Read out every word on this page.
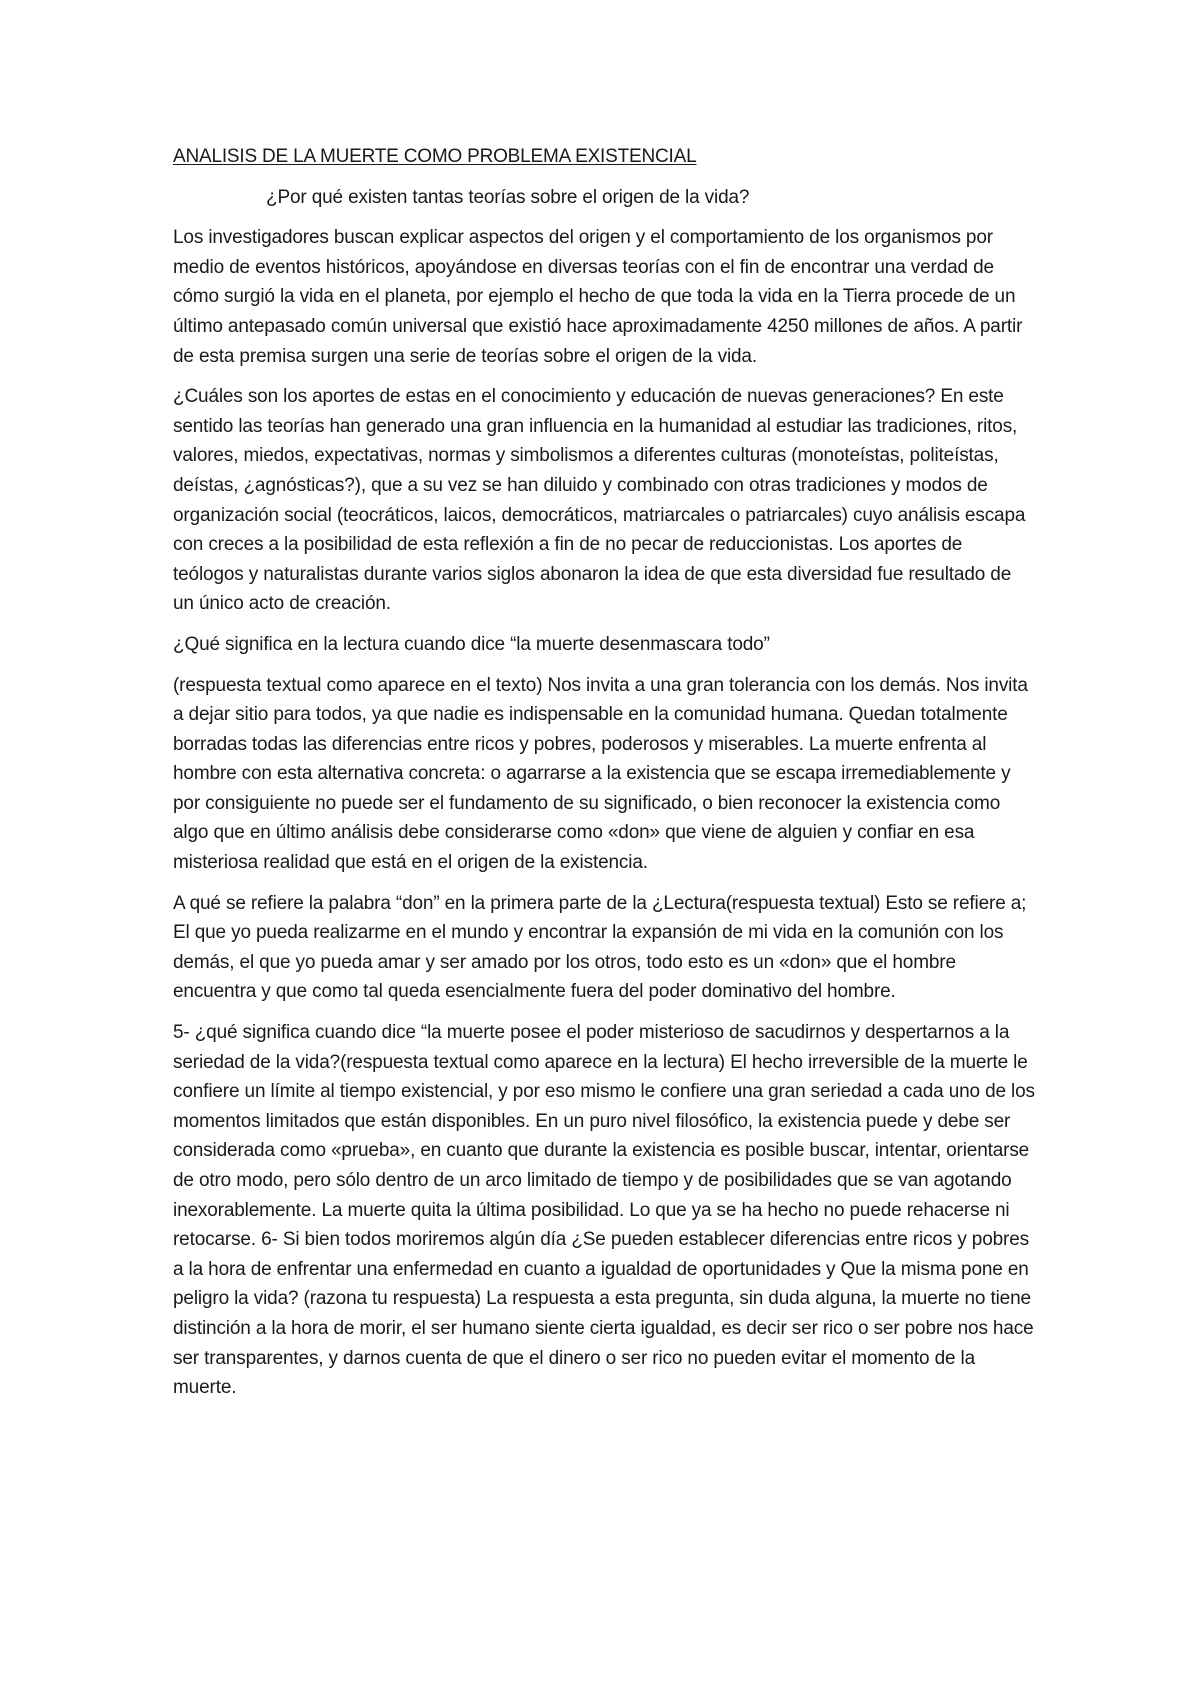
ANALISIS DE LA MUERTE COMO PROBLEMA EXISTENCIAL

¿Por qué existen tantas teorías sobre el origen de la vida?

Los investigadores buscan explicar aspectos del origen y el comportamiento de los organismos por medio de eventos históricos, apoyándose en diversas teorías con el fin de encontrar una verdad de cómo surgió la vida en el planeta, por ejemplo el hecho de que toda la vida en la Tierra procede de un último antepasado común universal que existió hace aproximadamente 4250 millones de años. A partir de esta premisa surgen una serie de teorías sobre el origen de la vida.

¿Cuáles son los aportes de estas en el conocimiento y educación de nuevas generaciones? En este sentido las teorías han generado una gran influencia en la humanidad al estudiar las tradiciones, ritos, valores, miedos, expectativas, normas y simbolismos a diferentes culturas (monoteístas, politeístas, deístas, ¿agnósticas?), que a su vez se han diluido y combinado con otras tradiciones y modos de organización social (teocráticos, laicos, democráticos, matriarcales o patriarcales) cuyo análisis escapa con creces a la posibilidad de esta reflexión a fin de no pecar de reduccionistas. Los aportes de teólogos y naturalistas durante varios siglos abonaron la idea de que esta diversidad fue resultado de un único acto de creación.

¿Qué significa en la lectura cuando dice “la muerte desenmascara todo”

(respuesta textual como aparece en el texto) Nos invita a una gran tolerancia con los demás. Nos invita a dejar sitio para todos, ya que nadie es indispensable en la comunidad humana. Quedan totalmente borradas todas las diferencias entre ricos y pobres, poderosos y miserables. La muerte enfrenta al hombre con esta alternativa concreta: o agarrarse a la existencia que se escapa irremediablemente y por consiguiente no puede ser el fundamento de su significado, o bien reconocer la existencia como algo que en último análisis debe considerarse como «don» que viene de alguien y confiar en esa misteriosa realidad que está en el origen de la existencia.

A qué se refiere la palabra “don” en la primera parte de la ¿Lectura(respuesta textual) Esto se refiere a; El que yo pueda realizarme en el mundo y encontrar la expansión de mi vida en la comunión con los demás, el que yo pueda amar y ser amado por los otros, todo esto es un «don» que el hombre encuentra y que como tal queda esencialmente fuera del poder dominativo del hombre.

5- ¿qué significa cuando dice “la muerte posee el poder misterioso de sacudirnos y despertarnos a la seriedad de la vida?(respuesta textual como aparece en la lectura) El hecho irreversible de la muerte le confiere un límite al tiempo existencial, y por eso mismo le confiere una gran seriedad a cada uno de los momentos limitados que están disponibles. En un puro nivel filosófico, la existencia puede y debe ser considerada como «prueba», en cuanto que durante la existencia es posible buscar, intentar, orientarse de otro modo, pero sólo dentro de un arco limitado de tiempo y de posibilidades que se van agotando inexorablemente. La muerte quita la última posibilidad. Lo que ya se ha hecho no puede rehacerse ni retocarse. 6- Si bien todos moriremos algún día ¿Se pueden establecer diferencias entre ricos y pobres a la hora de enfrentar una enfermedad en cuanto a igualdad de oportunidades y Que la misma pone en peligro la vida? (razona tu respuesta) La respuesta a esta pregunta, sin duda alguna, la muerte no tiene distinción a la hora de morir, el ser humano siente cierta igualdad, es decir ser rico o ser pobre nos hace ser transparentes, y darnos cuenta de que el dinero o ser rico no pueden evitar el momento de la muerte.
